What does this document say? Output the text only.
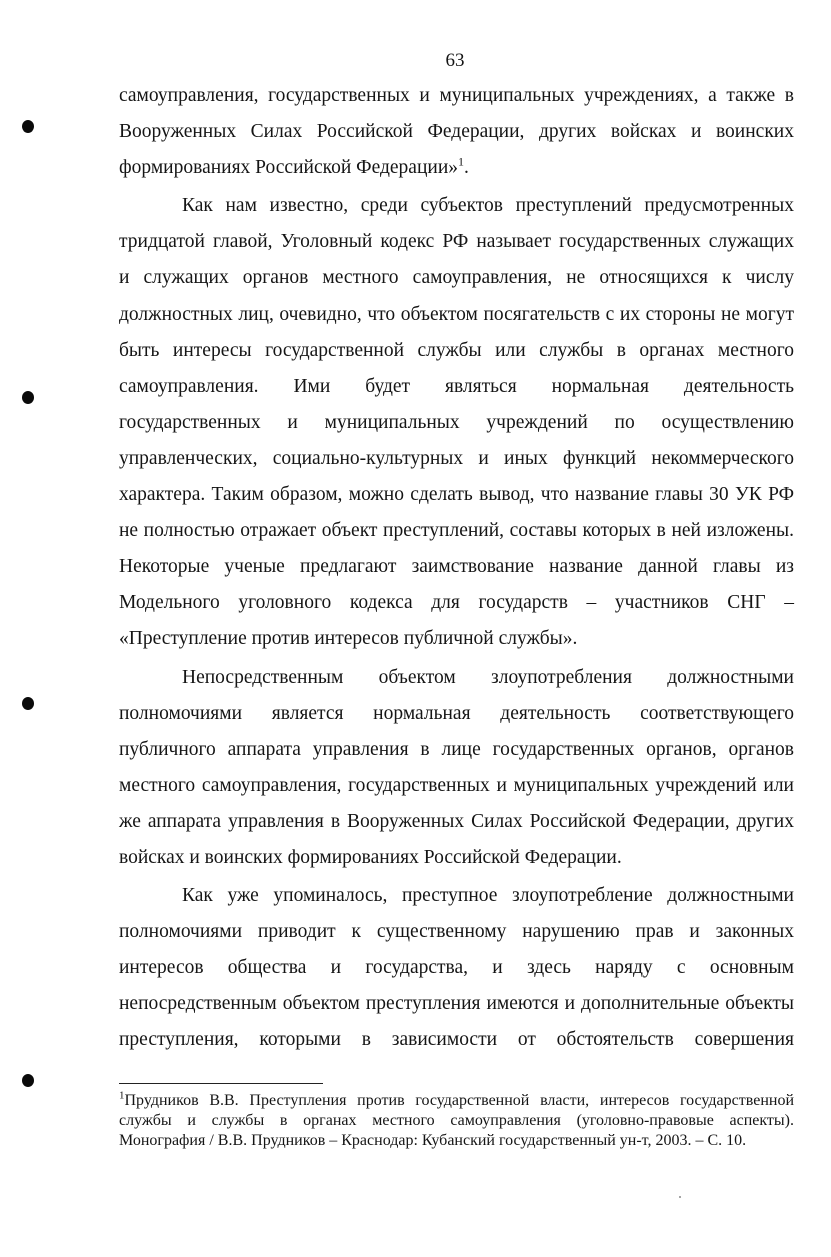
63
самоуправления, государственных и муниципальных учреждениях, а также в
Вооруженных Силах Российской Федерации, других войсках и воинских
формированиях Российской Федерации»$^1$.
Как нам известно, среди субъектов преступлений предусмотренных
тридцатой главой, Уголовный кодекс РФ называет государственных служащих
и служащих органов местного самоуправления, не относящихся к числу
должностных лиц, очевидно, что объектом посягательств с их стороны не могут
быть интересы государственной службы или службы в органах местного
самоуправления. Ими будет являться нормальная деятельность
государственных и муниципальных учреждений по осуществлению
управленческих, социально-культурных и иных функций некоммерческого
характера. Таким образом, можно сделать вывод, что название главы 30 УК РФ
не полностью отражает объект преступлений, составы которых в ней изложены.
Некоторые ученые предлагают заимствование название данной главы из
Модельного уголовного кодекса для государств – участников СНГ –
«Преступление против интересов публичной службы».
Непосредственным объектом злоупотребления должностными
полномочиями является нормальная деятельность соответствующего
публичного аппарата управления в лице государственных органов, органов
местного самоуправления, государственных и муниципальных учреждений или
же аппарата управления в Вооруженных Силах Российской Федерации, других
войсках и воинских формированиях Российской Федерации.
Как уже упоминалось, преступное злоупотребление должностными
полномочиями приводит к существенному нарушению прав и законных
интересов общества и государства, и здесь наряду с основным
непосредственным объектом преступления имеются и дополнительные объекты
преступления, которыми в зависимости от обстоятельств совершения
$^1$Прудников В.В. Преступления против государственной власти, интересов государственной
службы и службы в органах местного самоуправления (уголовно-правовые аспекты).
Монография / В.В. Прудников – Краснодар: Кубанский государственный ун-т, 2003. – С. 10.
